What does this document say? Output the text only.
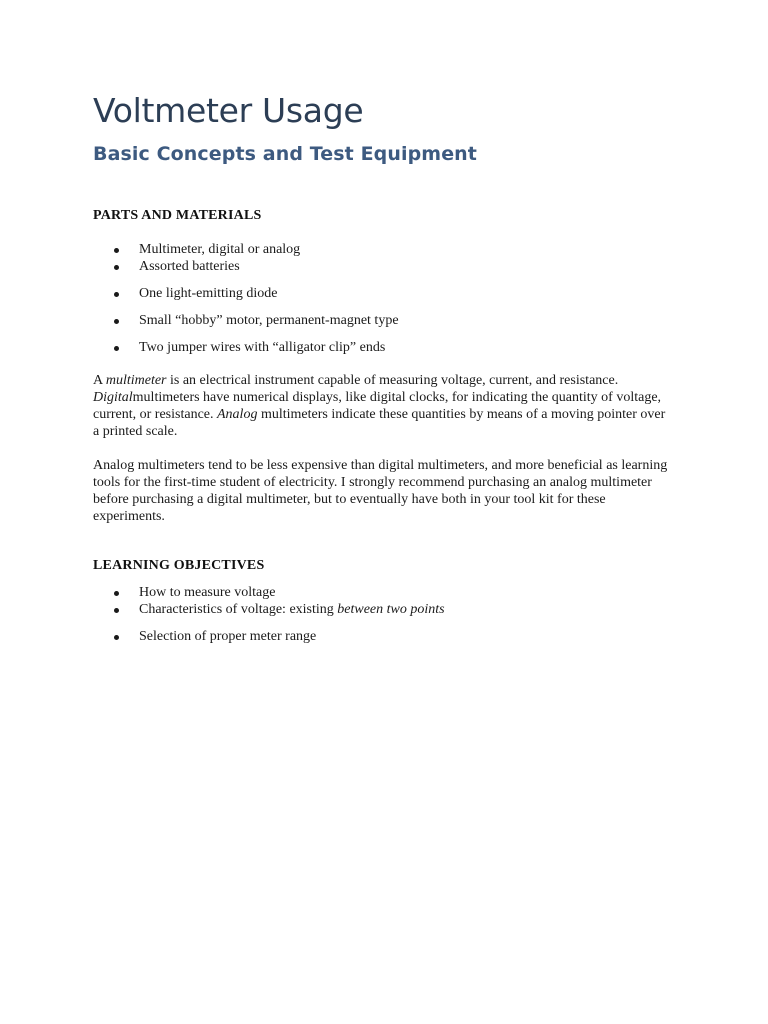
Voltmeter Usage
Basic Concepts and Test Equipment
PARTS AND MATERIALS
Multimeter, digital or analog
Assorted batteries
One light-emitting diode
Small “hobby” motor, permanent-magnet type
Two jumper wires with “alligator clip” ends

A multimeter is an electrical instrument capable of measuring voltage, current, and resistance. Digitalmultimeters have numerical displays, like digital clocks, for indicating the quantity of voltage, current, or resistance. Analog multimeters indicate these quantities by means of a moving pointer over a printed scale.

Analog multimeters tend to be less expensive than digital multimeters, and more beneficial as learning tools for the first-time student of electricity. I strongly recommend purchasing an analog multimeter before purchasing a digital multimeter, but to eventually have both in your tool kit for these experiments.

LEARNING OBJECTIVES
How to measure voltage
Characteristics of voltage: existing between two points
Selection of proper meter range
